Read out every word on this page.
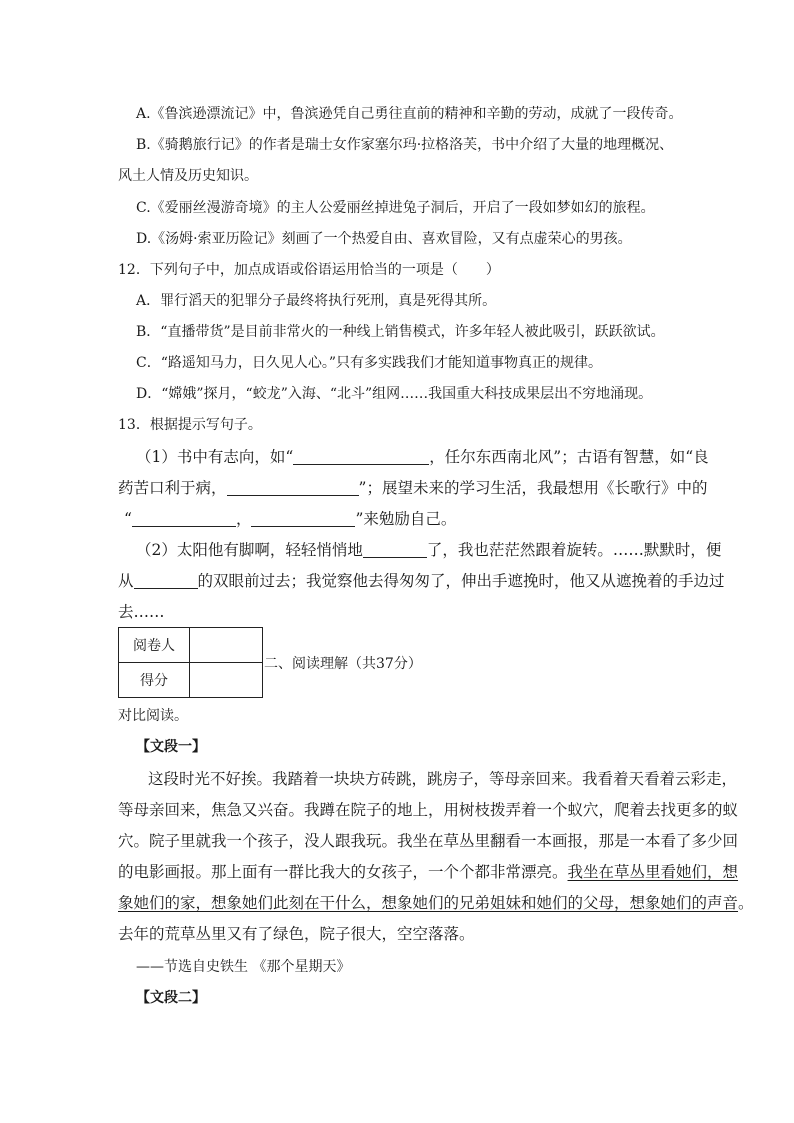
A.《鲁滨逊漂流记》中，鲁滨逊凭自己勇往直前的精神和辛勤的劳动，成就了一段传奇。
B.《骑鹅旅行记》的作者是瑞士女作家塞尔玛·拉格洛芙，书中介绍了大量的地理概况、
风土人情及历史知识。
C.《爱丽丝漫游奇境》的主人公爱丽丝掉进兔子洞后，开启了一段如梦如幻的旅程。
D.《汤姆·索亚历险记》刻画了一个热爱自由、喜欢冒险，又有点虚荣心的男孩。
12．下列句子中，加点成语或俗语运用恰当的一项是（　　）
A．罪行滔天的犯罪分子最终将执行死刑，真是死得其所。
B．“直播带货”是目前非常火的一种线上销售模式，许多年轻人被此吸引，跃跃欲试。
C．“路遥知马力，日久见人心。”只有多实践我们才能知道事物真正的规律。
D．“嫦娥”探月，“蛟龙”入海、“北斗”组网……我国重大科技成果层出不穷地涌现。
13．根据提示写句子。
（1）书中有志向，如“	，任尔东西南北风”；古语有智慧，如“良
药苦口利于病，	”；展望未来的学习生活，我最想用《长歌行》中的
“	，	”来勉励自己。
（2）太阳他有脚啊，轻轻悄悄地	了，我也茫茫然跟着旋转。……默默时，便
从	的双眼前过去；我觉察他去得匆匆了，伸出手遮挽时，他又从遮挽着的手边过
去……
阅卷人	
得分	
二、阅读理解（共37分）
对比阅读。
【文段一】
这段时光不好挨。我踏着一块块方砖跳，跳房子，等母亲回来。我看着天看着云彩走，
等母亲回来，焦急又兴奋。我蹲在院子的地上，用树枝拨弄着一个蚁穴，爬着去找更多的蚁
穴。院子里就我一个孩子，没人跟我玩。我坐在草丛里翻看一本画报，那是一本看了多少回
的电影画报。那上面有一群比我大的女孩子，一个个都非常漂亮。我坐在草丛里看她们，想
象她们的家，想象她们此刻在干什么，想象她们的兄弟姐妹和她们的父母，想象她们的声音。
去年的荒草丛里又有了绿色，院子很大，空空落落。
——节选自史铁生 《那个星期天》
【文段二】
